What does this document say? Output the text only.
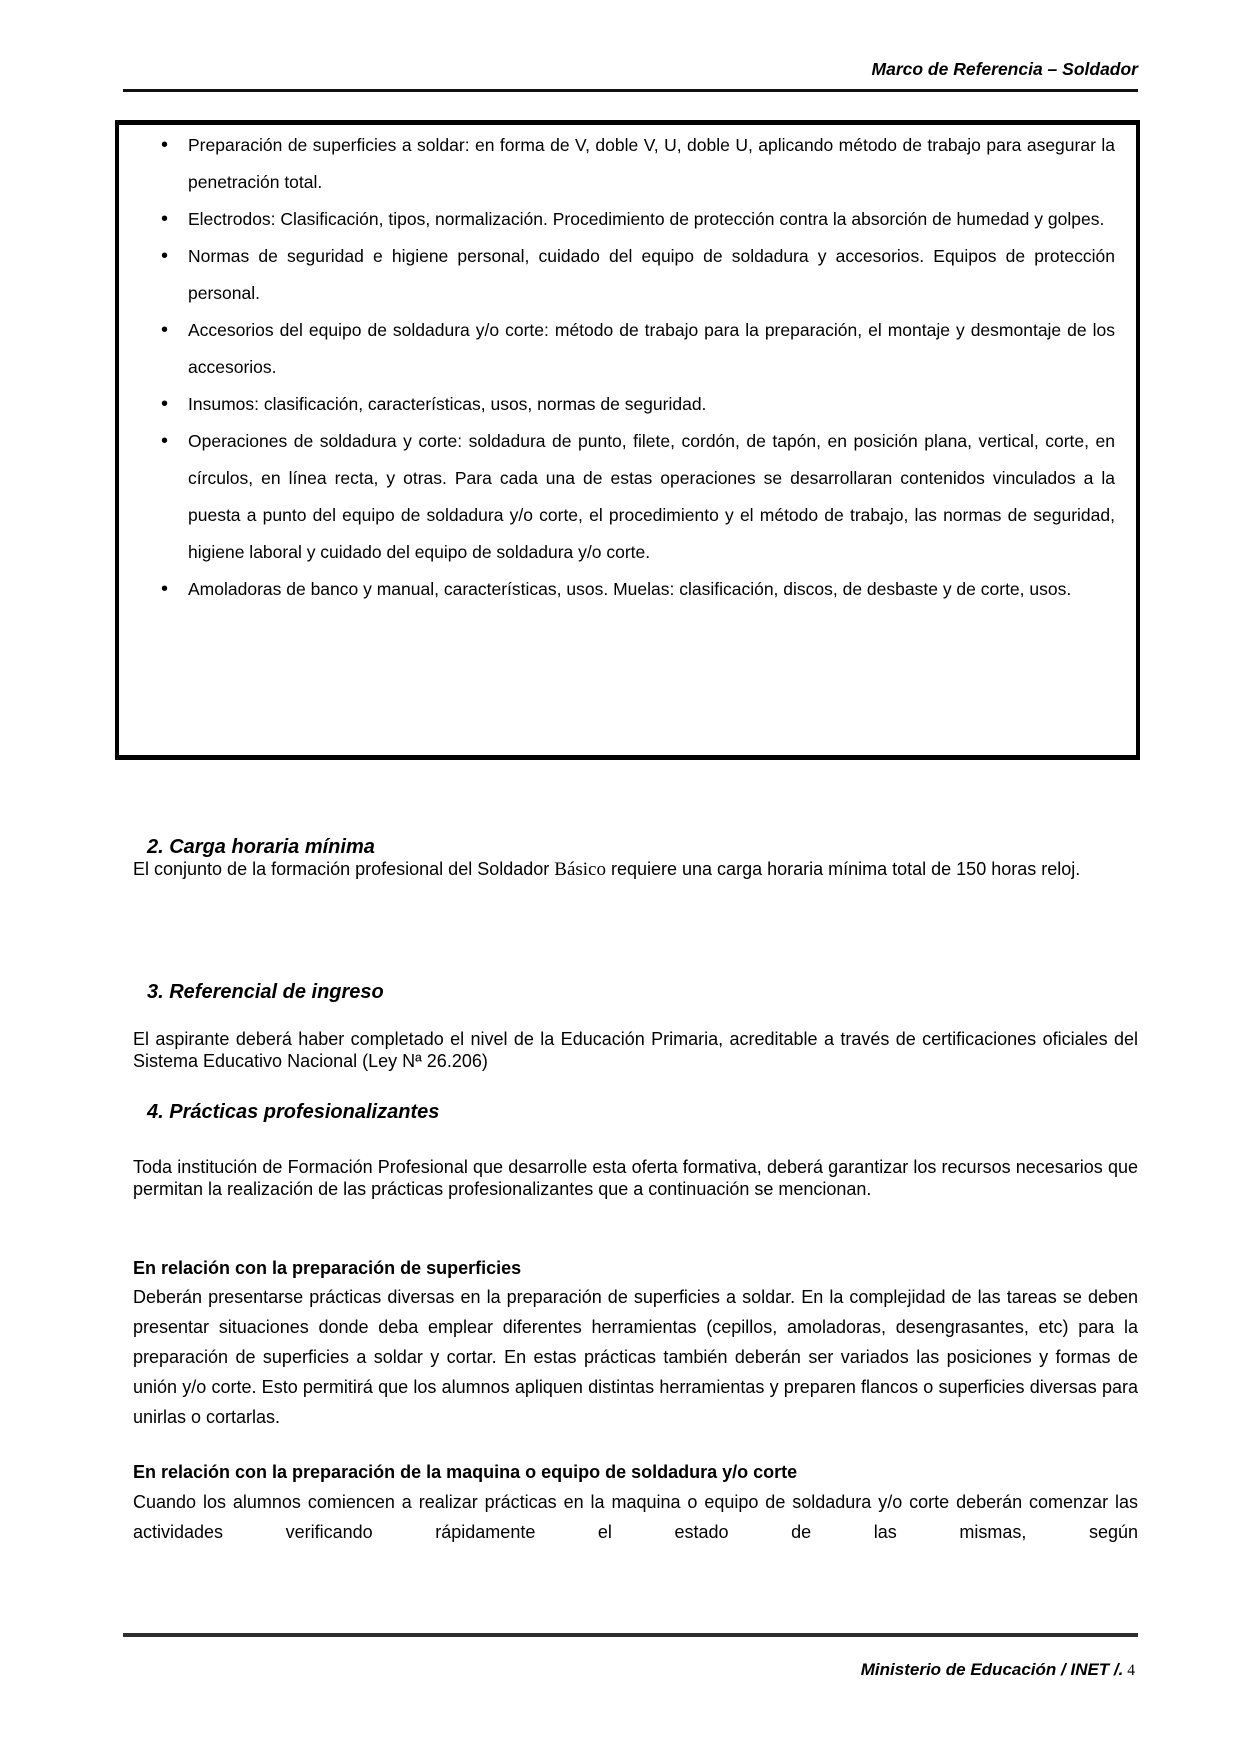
Marco de Referencia – Soldador
• Preparación de superficies a soldar: en forma de V, doble V, U, doble U, aplicando método de trabajo para asegurar la penetración total.
• Electrodos: Clasificación, tipos, normalización. Procedimiento de protección contra la absorción de humedad y golpes.
• Normas de seguridad e higiene personal, cuidado del equipo de soldadura y accesorios. Equipos de protección personal.
• Accesorios del equipo de soldadura y/o corte: método de trabajo para la preparación, el montaje y desmontaje de los accesorios.
• Insumos: clasificación, características, usos, normas de seguridad.
• Operaciones de soldadura y corte: soldadura de punto, filete, cordón, de tapón, en posición plana, vertical, corte, en círculos, en línea recta, y otras. Para cada una de estas operaciones se desarrollaran contenidos vinculados a la puesta a punto del equipo de soldadura y/o corte, el procedimiento y el método de trabajo, las normas de seguridad, higiene laboral y cuidado del equipo de soldadura y/o corte.
• Amoladoras de banco y manual, características, usos. Muelas: clasificación, discos, de desbaste y de corte, usos.
2. Carga horaria mínima
El conjunto de la formación profesional del Soldador Básico requiere una carga horaria mínima total de 150 horas reloj.
3. Referencial de ingreso
El aspirante deberá haber completado el nivel de la Educación Primaria, acreditable a través de certificaciones oficiales del Sistema Educativo Nacional (Ley Nª 26.206)
4. Prácticas profesionalizantes
Toda institución de Formación Profesional que desarrolle esta oferta formativa, deberá garantizar los recursos necesarios que permitan la realización de las prácticas profesionalizantes que a continuación se mencionan.
En relación con la preparación de superficies
Deberán presentarse prácticas diversas en la preparación de superficies a soldar. En la complejidad de las tareas se deben presentar situaciones donde deba emplear diferentes herramientas (cepillos, amoladoras, desengrasantes, etc) para la preparación de superficies a soldar y cortar. En estas prácticas también deberán ser variados las posiciones y formas de unión y/o corte. Esto permitirá que los alumnos apliquen distintas herramientas y preparen flancos o superficies diversas para unirlas o cortarlas.
En relación con la preparación de la maquina o equipo de soldadura y/o corte
Cuando los alumnos comiencen a realizar prácticas en la maquina o equipo de soldadura y/o corte deberán comenzar las actividades verificando rápidamente el estado de las mismas, según
Ministerio de Educación / INET /. 4
